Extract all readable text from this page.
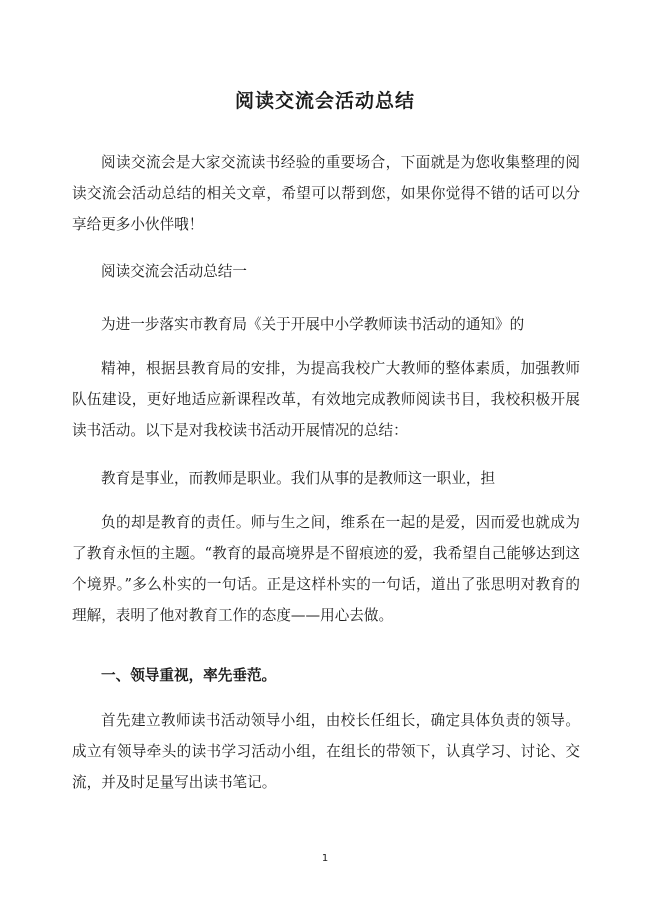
阅读交流会活动总结

阅读交流会是大家交流读书经验的重要场合，下面就是为您收集整理的阅读交流会活动总结的相关文章，希望可以帮到您，如果你觉得不错的话可以分享给更多小伙伴哦！

阅读交流会活动总结一

为进一步落实市教育局《关于开展中小学教师读书活动的通知》的

精神，根据县教育局的安排，为提高我校广大教师的整体素质，加强教师队伍建设，更好地适应新课程改革，有效地完成教师阅读书目，我校积极开展读书活动。以下是对我校读书活动开展情况的总结：

教育是事业，而教师是职业。我们从事的是教师这一职业，担

负的却是教育的责任。师与生之间，维系在一起的是爱，因而爱也就成为了教育永恒的主题。“教育的最高境界是不留痕迹的爱，我希望自己能够达到这个境界。”多么朴实的一句话。正是这样朴实的一句话，道出了张思明对教育的理解，表明了他对教育工作的态度——用心去做。

一、领导重视，率先垂范。

首先建立教师读书活动领导小组，由校长任组长，确定具体负责的领导。成立有领导牵头的读书学习活动小组，在组长的带领下，认真学习、讨论、交流，并及时足量写出读书笔记。

1
